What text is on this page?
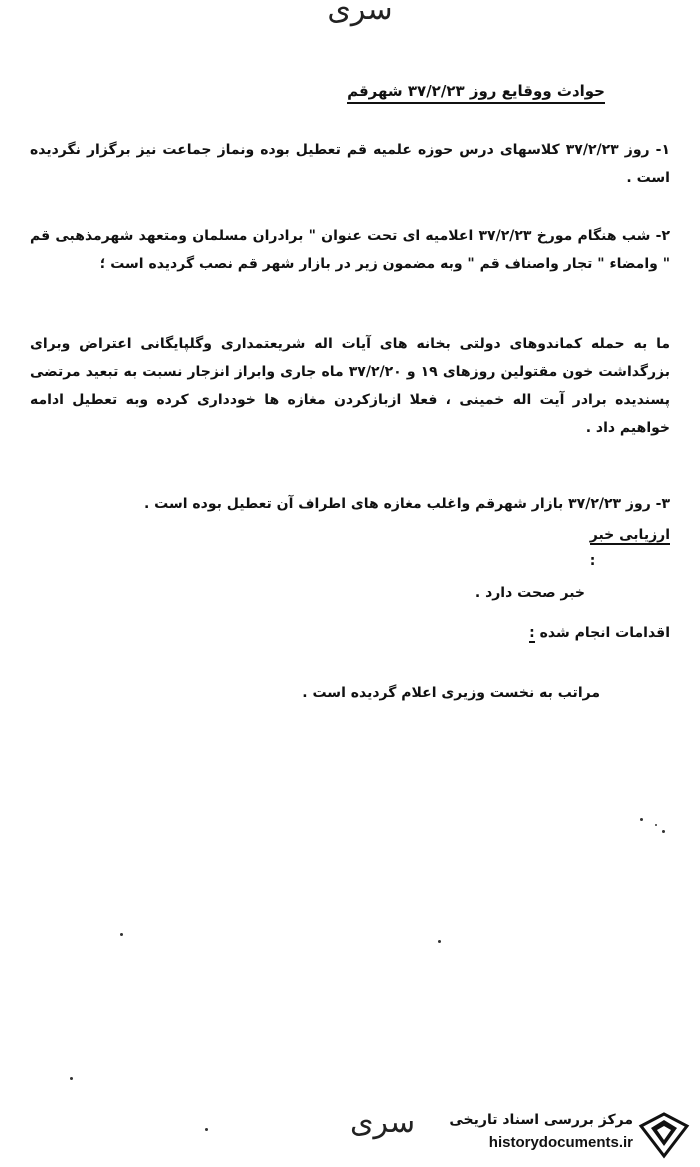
سری
حوادث ووقایع روز ۳۷/۲/۲۳ شهرقم
۱- روز ۳۷/۲/۲۳ کلاسهای درس حوزه علمیه قم تعطیل بوده ونماز جماعت نیز برگزار نگردیده است .
۲- شب هنگام مورخ ۳۷/۲/۲۳ اعلامیه ای تحت عنوان " برادران مسلمان ومتعهد شهرمذهبی قم " وامضاء " تجار واصناف قم " وبه مضمون زیر در بازار شهر قم نصب گردیده است ؛
ما به حمله کماندوهای دولتی بخانه های آیات اله شریعتمداری وگلپایگانی اعتراض وبرای بزرگداشت خون مقتولین روزهای ۱۹ و ۳۷/۲/۲۰ ماه جاری وابراز انزجار نسبت به تبعید مرتضی پسندیده برادر آیت اله خمینی ، فعلا ازبازکردن مغازه ها خودداری کرده وبه تعطیل ادامه خواهیم داد .
۳- روز ۳۷/۲/۲۳ بازار شهرقم واغلب مغازه های اطراف آن تعطیل بوده است .
ارزیابی خبر
:
خبر صحت دارد .
اقدامات انجام شده :
مراتب به نخست وزیری اعلام گردیده است .
سری مرکز بررسی اسناد تاریخی
historydocuments.ir
